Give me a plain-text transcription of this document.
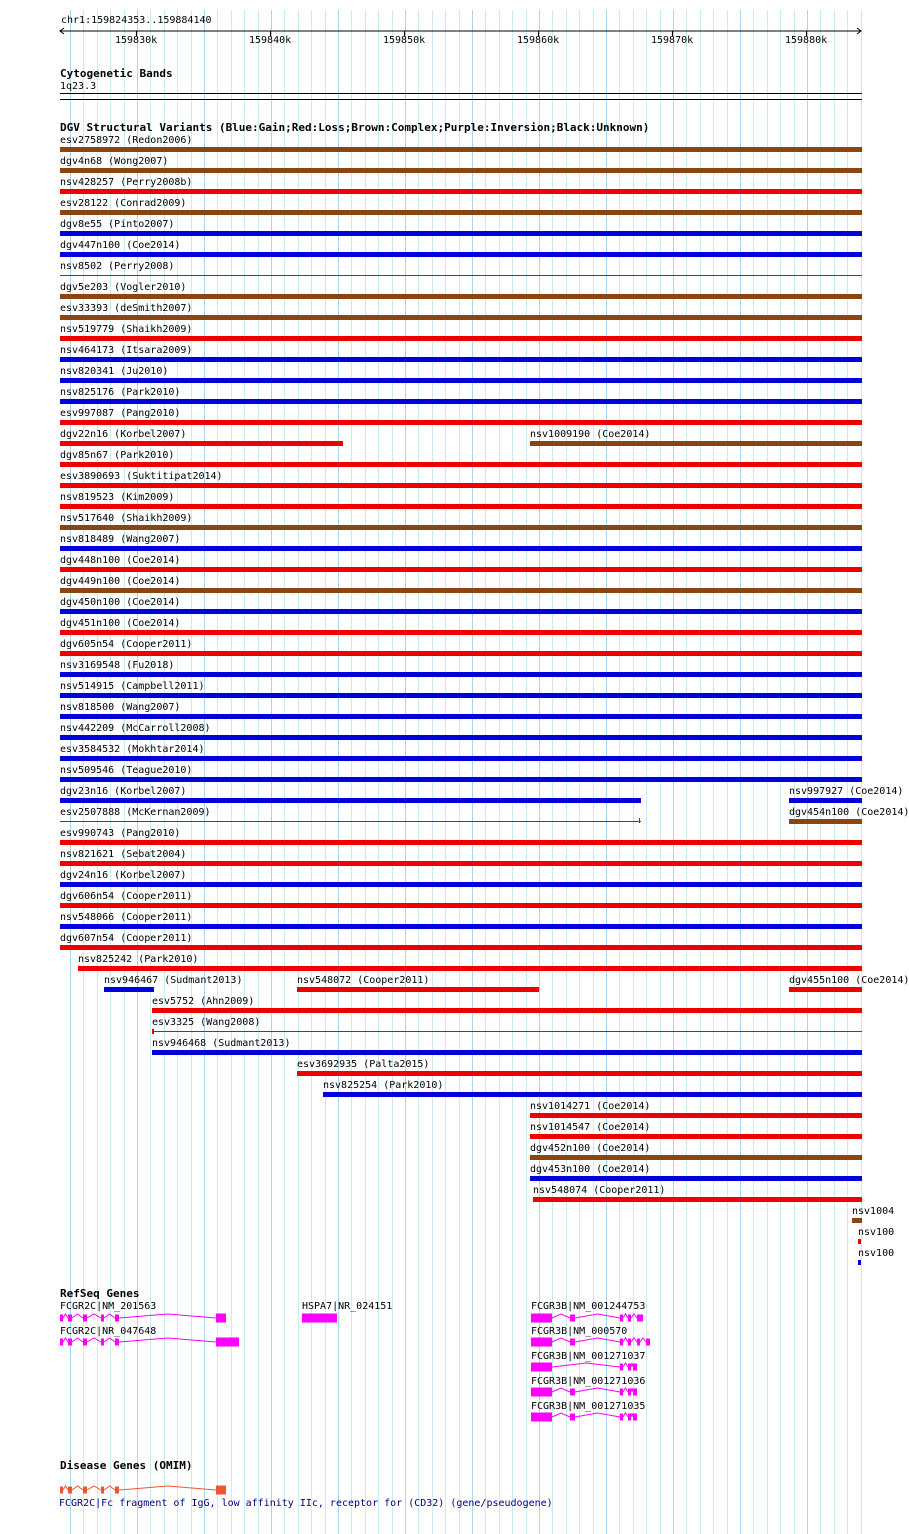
chr1:159824353..159884140
159830k	159840k	159850k	159860k	159870k	159880k
Cytogenetic Bands
1q23.3
DGV Structural Variants (Blue:Gain;Red:Loss;Brown:Complex;Purple:Inversion;Black:Unknown)
esv2758972 (Redon2006)
dgv4n68 (Wong2007)
nsv428257 (Perry2008b)
esv28122 (Conrad2009)
dgv8e55 (Pinto2007)
dgv447n100 (Coe2014)
nsv8502 (Perry2008)
dgv5e203 (Vogler2010)
esv33393 (deSmith2007)
nsv519779 (Shaikh2009)
nsv464173 (Itsara2009)
nsv820341 (Ju2010)
nsv825176 (Park2010)
esv997087 (Pang2010)
dgv22n16 (Korbel2007)	nsv1009190 (Coe2014)
dgv85n67 (Park2010)
esv3890693 (Suktitipat2014)
nsv819523 (Kim2009)
nsv517640 (Shaikh2009)
nsv818489 (Wang2007)
dgv448n100 (Coe2014)
dgv449n100 (Coe2014)
dgv450n100 (Coe2014)
dgv451n100 (Coe2014)
dgv605n54 (Cooper2011)
nsv3169548 (Fu2018)
nsv514915 (Campbell2011)
nsv818500 (Wang2007)
nsv442209 (McCarroll2008)
esv3584532 (Mokhtar2014)
nsv509546 (Teague2010)
dgv23n16 (Korbel2007)	nsv997927 (Coe2014)
esv2507888 (McKernan2009)	dgv454n100 (Coe2014)
esv990743 (Pang2010)
nsv821621 (Sebat2004)
dgv24n16 (Korbel2007)
dgv606n54 (Cooper2011)
nsv548066 (Cooper2011)
dgv607n54 (Cooper2011)
nsv825242 (Park2010)
nsv946467 (Sudmant2013)	nsv548072 (Cooper2011)	dgv455n100 (Coe2014)
esv5752 (Ahn2009)
esv3325 (Wang2008)
nsv946468 (Sudmant2013)
esv3692935 (Palta2015)
nsv825254 (Park2010)
nsv1014271 (Coe2014)
nsv1014547 (Coe2014)
dgv452n100 (Coe2014)
dgv453n100 (Coe2014)
nsv548074 (Cooper2011)
nsv1004
nsv100
nsv100
RefSeq Genes
FCGR2C|NM_201563
FCGR2C|NR_047648
HSPA7|NR_024151	FCGR3B|NM_001244753
FCGR3B|NM_000570
FCGR3B|NM_001271037
FCGR3B|NM_001271036
FCGR3B|NM_001271035
Disease Genes (OMIM)
FCGR2C|Fc fragment of IgG, low affinity IIc, receptor for (CD32) (gene/pseudogene)
